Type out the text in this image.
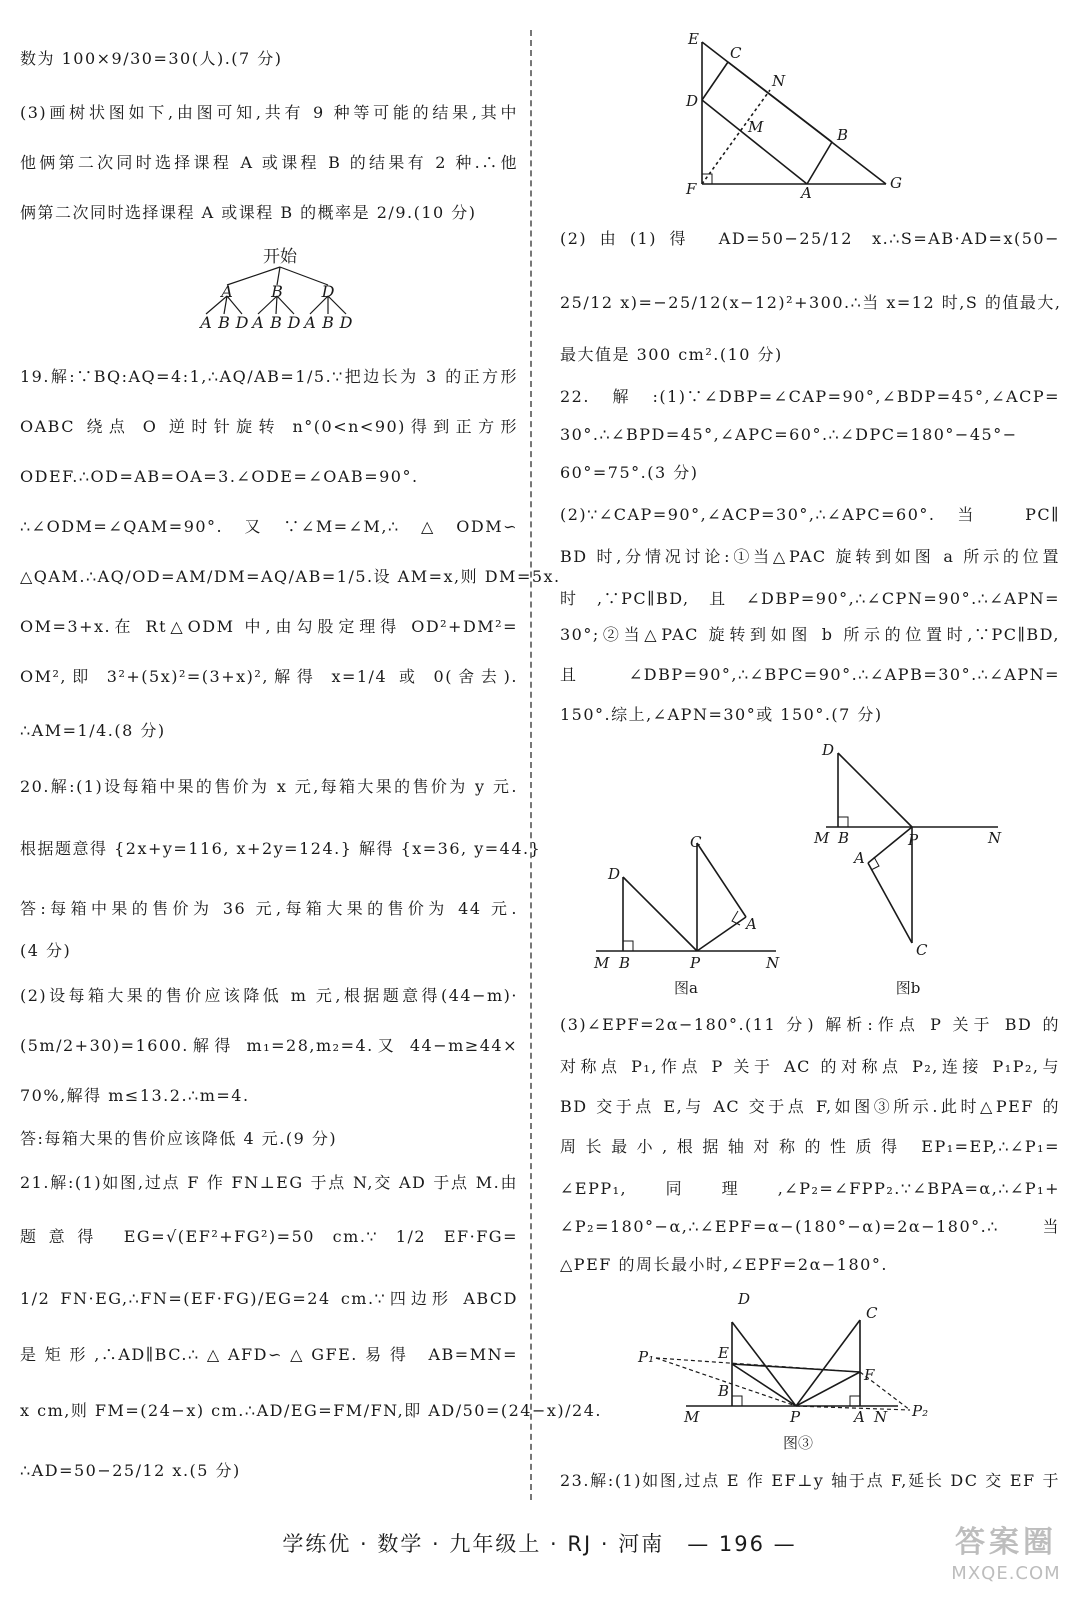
数为 100×9/30=30(人).(7 分)
(3)画树状图如下,由图可知,共有 9 种等可能的结果,其中
他俩第二次同时选择课程 A 或课程 B 的结果有 2 种.∴他
俩第二次同时选择课程 A 或课程 B 的概率是 2/9.(10 分)
开始
A B D
A B D A B D A B D
19.解:∵BQ:AQ=4:1,∴AQ/AB=1/5.∵把边长为 3 的正方形
OABC 绕点 O 逆时针旋转 n°(0<n<90)得到正方形
ODEF.∴OD=AB=OA=3.∠ODE=∠OAB=90°.
∴∠ODM=∠QAM=90°.又∵∠M=∠M,∴△ODM∽
△QAM.∴AQ/OD=AM/DM=AQ/AB=1/5.设 AM=x,则 DM=5x.
OM=3+x.在 Rt△ODM 中,由勾股定理得 OD²+DM²=
OM²,即 3²+(5x)²=(3+x)²,解得 x=1/4 或 0(舍去).
∴AM=1/4.(8 分)
20.解:(1)设每箱中果的售价为 x 元,每箱大果的售价为 y 元.
根据题意得 {2x+y=116, x+2y=124.} 解得 {x=36, y=44.}
答:每箱中果的售价为 36 元,每箱大果的售价为 44 元.
(4 分)
(2)设每箱大果的售价应该降低 m 元,根据题意得(44−m)·
(5m/2+30)=1600.解得 m₁=28,m₂=4.又 44−m≥44×
70%,解得 m≤13.2.∴m=4.
答:每箱大果的售价应该降低 4 元.(9 分)
21.解:(1)如图,过点 F 作 FN⊥EG 于点 N,交 AD 于点 M.由
题意得 EG=√(EF²+FG²)=50 cm.∵ 1/2 EF·FG=
1/2 FN·EG,∴FN=(EF·FG)/EG=24 cm.∵四边形 ABCD
是矩形,∴AD∥BC.∴△AFD∽△GFE.易得 AB=MN=
x cm,则 FM=(24−x) cm.∴AD/EG=FM/FN,即 AD/50=(24−x)/24.
∴AD=50−25/12 x.(5 分)
E
C
N
D
M	B
F	A
G
(2)由(1)得 AD=50−25/12 x.∴S=AB·AD=x(50−
25/12 x)=−25/12(x−12)²+300.∴当 x=12 时,S 的值最大,
最大值是 300 cm².(10 分)
22.解:(1)∵∠DBP=∠CAP=90°,∠BDP=45°,∠ACP=
30°.∴∠BPD=45°,∠APC=60°.∴∠DPC=180°−45°−
60°=75°.(3 分)
(2)∵∠CAP=90°,∠ACP=30°,∴∠APC=60°.当 PC∥
BD 时,分情况讨论:①当△PAC 旋转到如图 a 所示的位置
时,∵PC∥BD,且∠DBP=90°,∴∠CPN=90°.∴∠APN=
30°;②当△PAC 旋转到如图 b 所示的位置时,∵PC∥BD,
且∠DBP=90°,∴∠BPC=90°.∴∠APB=30°.∴∠APN=
150°.综上,∠APN=30°或 150°.(7 分)
C
D
A
M B	P	N
图a
D
M B	P	N
A
C
图b
(3)∠EPF=2α−180°.(11 分) 解析:作点 P 关于 BD 的
对称点 P₁,作点 P 关于 AC 的对称点 P₂,连接 P₁P₂,与
BD 交于点 E,与 AC 交于点 F,如图③所示.此时△PEF 的
周长最小,根据轴对称的性质得 EP₁=EP,∴∠P₁=
∠EPP₁,同理,∠P₂=∠FPP₂.∵∠BPA=α,∴∠P₁+
∠P₂=180°−α,∴∠EPF=α−(180°−α)=2α−180°.∴当
△PEF 的周长最小时,∠EPF=2α−180°.
D
C
P₁	E
F
B
M	P	A N P₂
图③
23.解:(1)如图,过点 E 作 EF⊥y 轴于点 F,延长 DC 交 EF 于
学练优 · 数学 · 九年级上 · RJ · 河南　— 196 —	答案圈
MXQE.COM
